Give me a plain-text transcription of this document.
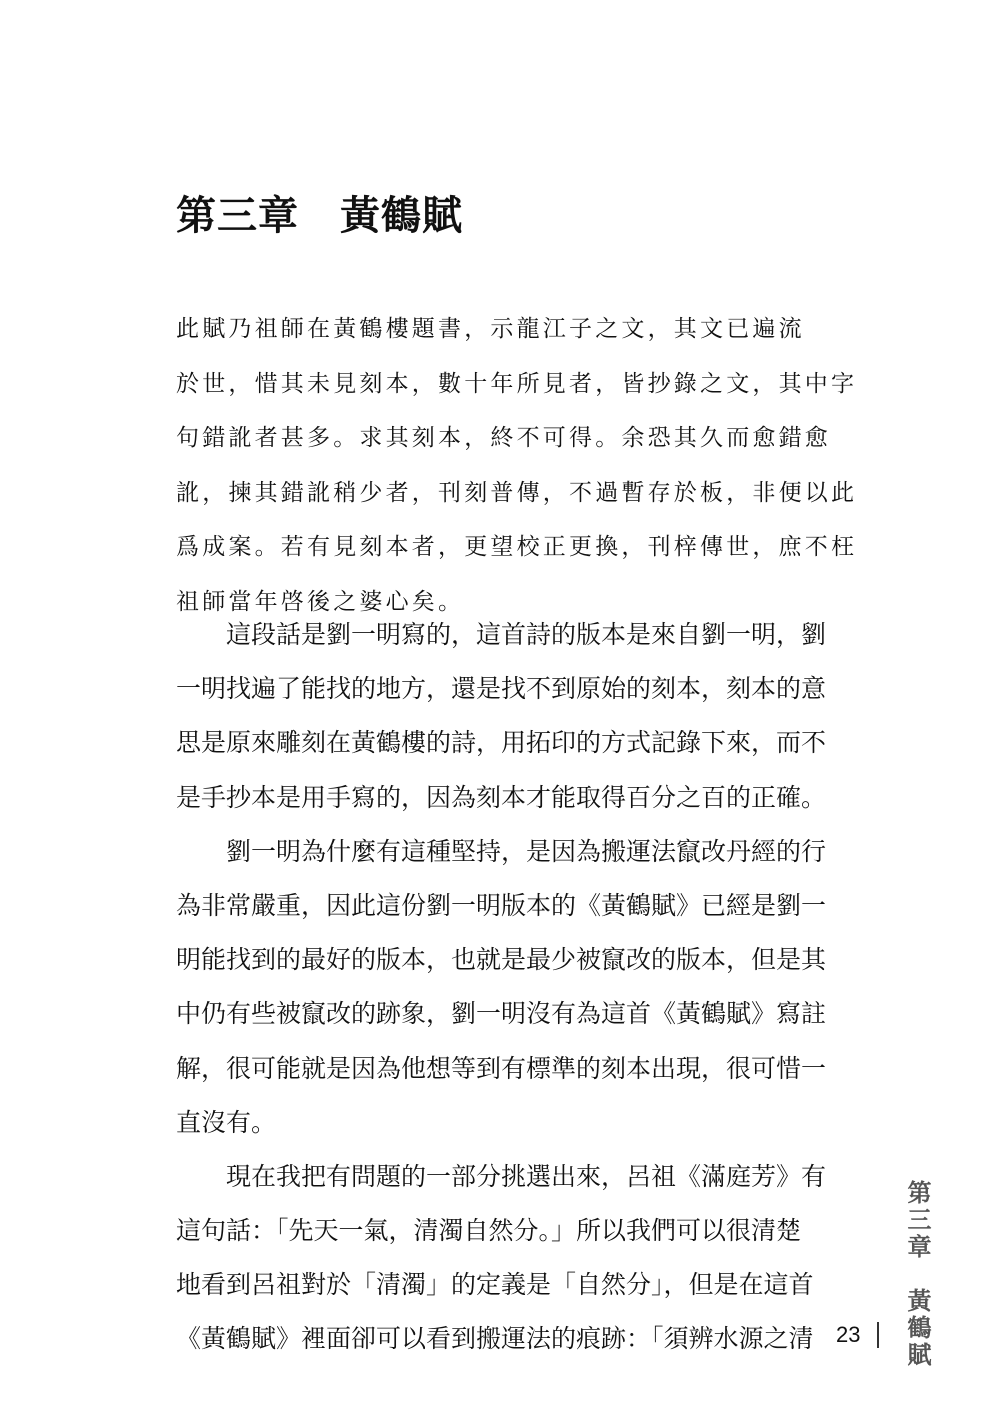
第三章　黃鶴賦
此賦乃祖師在黃鶴樓題書，示龍江子之文，其文已遍流
於世，惜其未見刻本，數十年所見者，皆抄錄之文，其中字
句錯訛者甚多。求其刻本，終不可得。余恐其久而愈錯愈
訛，揀其錯訛稍少者，刊刻普傳，不過暫存於板，非便以此
爲成案。若有見刻本者，更望校正更換，刊梓傳世，庶不枉
祖師當年啓後之婆心矣。
　　這段話是劉一明寫的，這首詩的版本是來自劉一明，劉
一明找遍了能找的地方，還是找不到原始的刻本，刻本的意
思是原來雕刻在黃鶴樓的詩，用拓印的方式記錄下來，而不
是手抄本是用手寫的，因為刻本才能取得百分之百的正確。
　　劉一明為什麼有這種堅持，是因為搬運法竄改丹經的行
為非常嚴重，因此這份劉一明版本的《黃鶴賦》已經是劉一
明能找到的最好的版本，也就是最少被竄改的版本，但是其
中仍有些被竄改的跡象，劉一明沒有為這首《黃鶴賦》寫註
解，很可能就是因為他想等到有標準的刻本出現，很可惜一
直沒有。
　　現在我把有問題的一部分挑選出來，呂祖《滿庭芳》有
這句話：「先天一氣，清濁自然分。」所以我們可以很清楚
地看到呂祖對於「清濁」的定義是「自然分」，但是在這首
《黃鶴賦》裡面卻可以看到搬運法的痕跡：「須辨水源之清	第三章　黃鶴賦
23
